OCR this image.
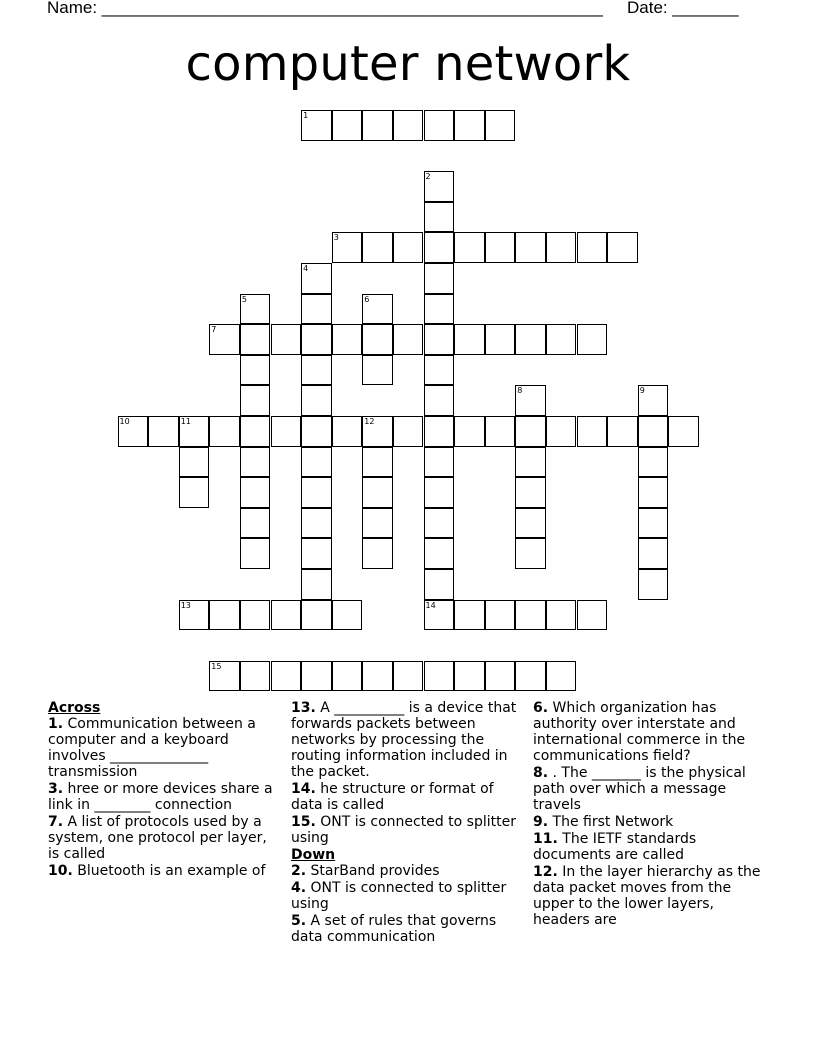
Name: _____________________________________________________ Date: _______
computer network
1
2
14
3
4
5	6
7
8	9
10	11	12
13
15
Across
1. Communication between a computer and a keyboard involves ______________ transmission
3. hree or more devices share a link in ________ connection
7. A list of protocols used by a system, one protocol per layer, is called
10. Bluetooth is an example of
13. A __________ is a device that forwards packets between networks by processing the routing information included in the packet.
14. he structure or format of data is called
15. ONT is connected to splitter using
Down
2. StarBand provides
4. ONT is connected to splitter using
5. A set of rules that governs data communication
6. Which organization has authority over interstate and international commerce in the communications field?
8. . The _______ is the physical path over which a message travels
9. The first Network
11. The IETF standards documents are called
12. In the layer hierarchy as the data packet moves from the upper to the lower layers, headers are
